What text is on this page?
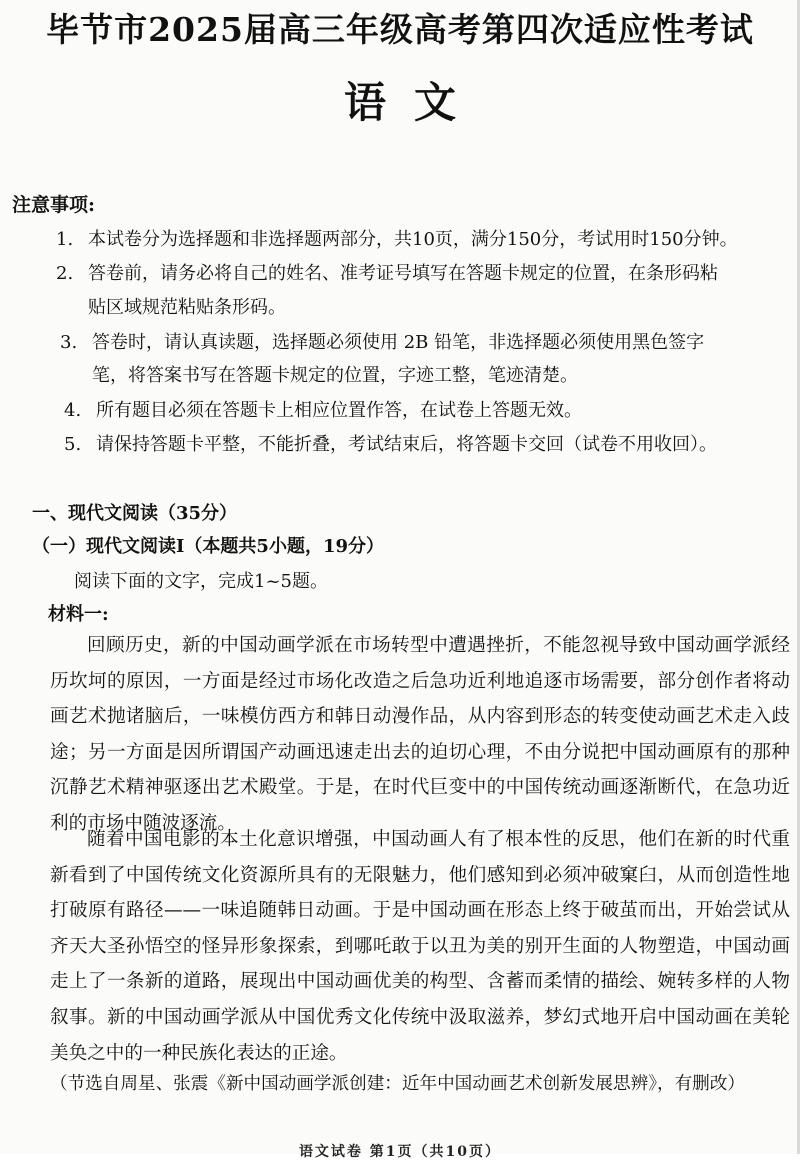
毕节市2025届高三年级高考第四次适应性考试
语文
注意事项:
1. 本试卷分为选择题和非选择题两部分，共10页，满分150分，考试用时150分钟。
2. 答卷前，请务必将自己的姓名、准考证号填写在答题卡规定的位置，在条形码粘
贴区域规范粘贴条形码。
3. 答卷时，请认真读题，选择题必须使用 2B 铅笔，非选择题必须使用黑色签字
笔，将答案书写在答题卡规定的位置，字迹工整，笔迹清楚。
4. 所有题目必须在答题卡上相应位置作答，在试卷上答题无效。
5. 请保持答题卡平整，不能折叠，考试结束后，将答题卡交回（试卷不用收回）。
一、现代文阅读（35分）
（一）现代文阅读Ⅰ（本题共5小题，19分）
阅读下面的文字，完成1~5题。
材料一:

回顾历史，新的中国动画学派在市场转型中遭遇挫折，不能忽视导致中国动画学派经历坎坷的原因，一方面是经过市场化改造之后急功近利地追逐市场需要，部分创作者将动画艺术抛诸脑后，一味模仿西方和韩日动漫作品，从内容到形态的转变使动画艺术走入歧途；另一方面是因所谓国产动画迅速走出去的迫切心理，不由分说把中国动画原有的那种沉静艺术精神驱逐出艺术殿堂。于是，在时代巨变中的中国传统动画逐渐断代，在急功近利的市场中随波逐流。

随着中国电影的本土化意识增强，中国动画人有了根本性的反思，他们在新的时代重新看到了中国传统文化资源所具有的无限魅力，他们感知到必须冲破窠臼，从而创造性地打破原有路径——一味追随韩日动画。于是中国动画在形态上终于破茧而出，开始尝试从齐天大圣孙悟空的怪异形象探索，到哪吒敢于以丑为美的别开生面的人物塑造，中国动画走上了一条新的道路，展现出中国动画优美的构型、含蓄而柔情的描绘、婉转多样的人物叙事。新的中国动画学派从中国优秀文化传统中汲取滋养，梦幻式地开启中国动画在美轮美奂之中的一种民族化表达的正途。

（节选自周星、张震《新中国动画学派创建：近年中国动画艺术创新发展思辨》，有删改）
语文试卷 第1页（共10页）
